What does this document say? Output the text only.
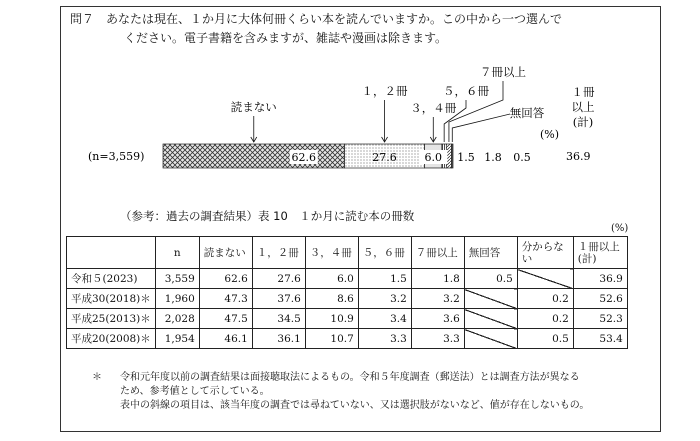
問７　あなたは現在、１か月に大体何冊くらい本を読んでいますか。この中から一つ選んで
ください。電子書籍を含みますが、雑誌や漫画は除きます。
62.6	27.6	6.0 1.5 1.8 0.5
読まない
１，２冊
３，４冊
５，６冊
７冊以上
無回答
(n=3,559)
(%)
１冊
以上
(計)
36.9
（参考：過去の調査結果）表 10　１か月に読む本の冊数
(%)
	n	読まない	１，２冊	３，４冊	５，６冊	７冊以上	無回答	分からない	１冊以上(計)
令和５(2023)	3,559	62.6	27.6	6.0	1.5	1.8	0.5		36.9
平成30(2018)＊	1,960	47.3	37.6	8.6	3.2	3.2		0.2	52.6
平成25(2013)＊	2,028	47.5	34.5	10.9	3.4	3.6		0.2	52.3
平成20(2008)＊	1,954	46.1	36.1	10.7	3.3	3.3		0.5	53.4
＊ 令和元年度以前の調査結果は面接聴取法によるもの。令和５年度調査（郵送法）とは調査方法が異なる
ため、参考値として示している。
表中の斜線の項目は、該当年度の調査では尋ねていない、又は選択肢がないなど、値が存在しないもの。
